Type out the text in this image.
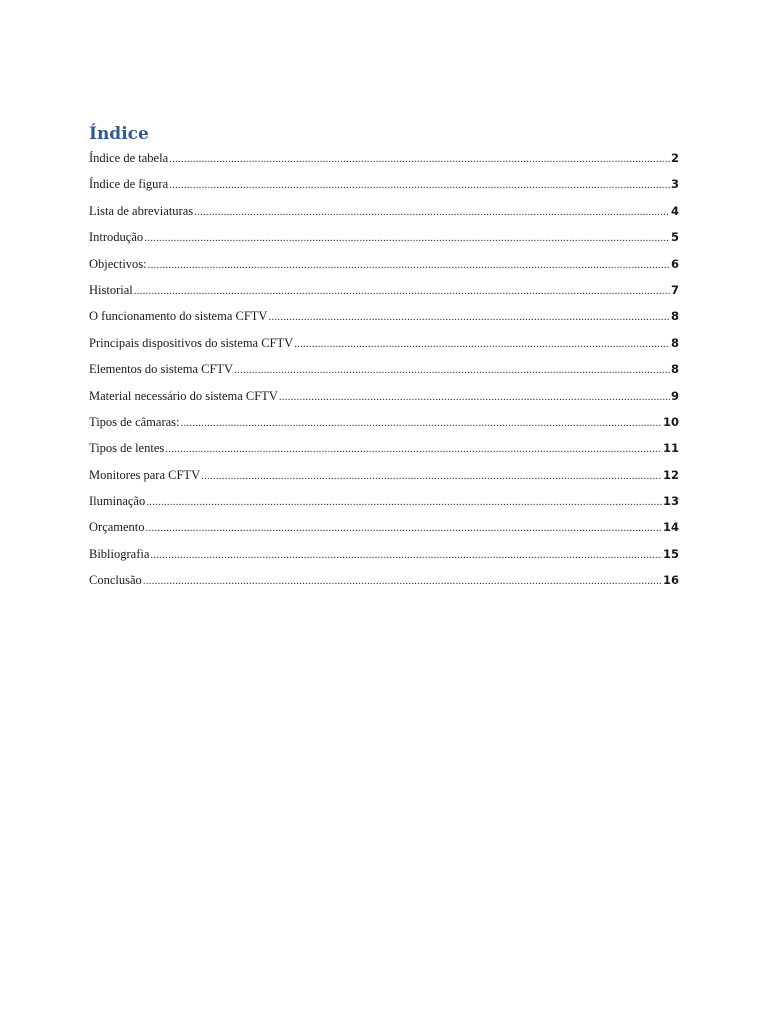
Índice
Índice de tabela .....	2
Índice de figura .....	3
Lista de abreviaturas .....	4
Introdução .....	5
Objectivos: .....	6
Historial .....	7
O funcionamento do sistema CFTV .....	8
Principais dispositivos do sistema CFTV .....	8
Elementos do sistema CFTV .....	8
Material necessário do sistema CFTV .....	9
Tipos de câmaras: .....	10
Tipos de lentes .....	11
Monitores para CFTV .....	12
Iluminação .....	13
Orçamento .....	14
Bibliografia .....	15
Conclusão .....	16
